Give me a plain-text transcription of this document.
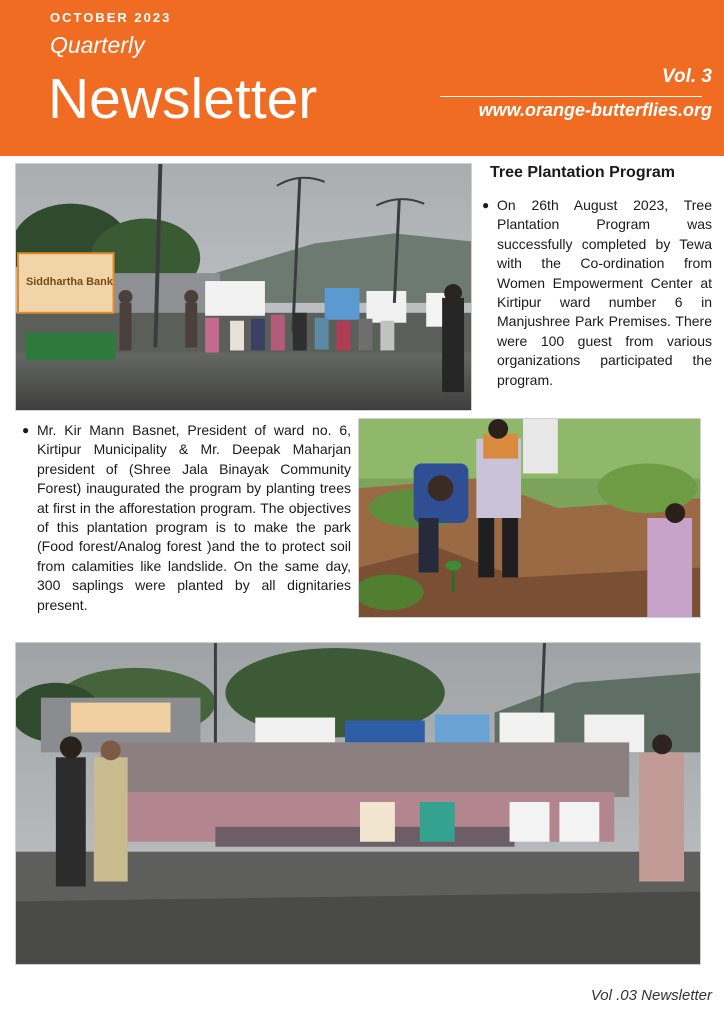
OCTOBER 2023
Quarterly
Newsletter	Vol. 3
www.orange-butterflies.org
Siddhartha Bank
Tree Plantation Program
● On 26th August 2023, Tree Plantation Program was successfully completed by Tewa with the Co-ordination from Women Empowerment Center at Kirtipur ward number 6 in Manjushree Park Premises. There were 100 guest from various organizations participated the program.
● Mr. Kir Mann Basnet, President of ward no. 6, Kirtipur Municipality & Mr. Deepak Maharjan president of (Shree Jala Binayak Community Forest) inaugurated the program by planting trees at first in the afforestation program. The objectives of this plantation program is to make the park (Food forest/Analog forest )and the to protect soil from calamities like landslide. On the same day, 300 saplings were planted by all dignitaries present.
Vol .03 Newsletter
